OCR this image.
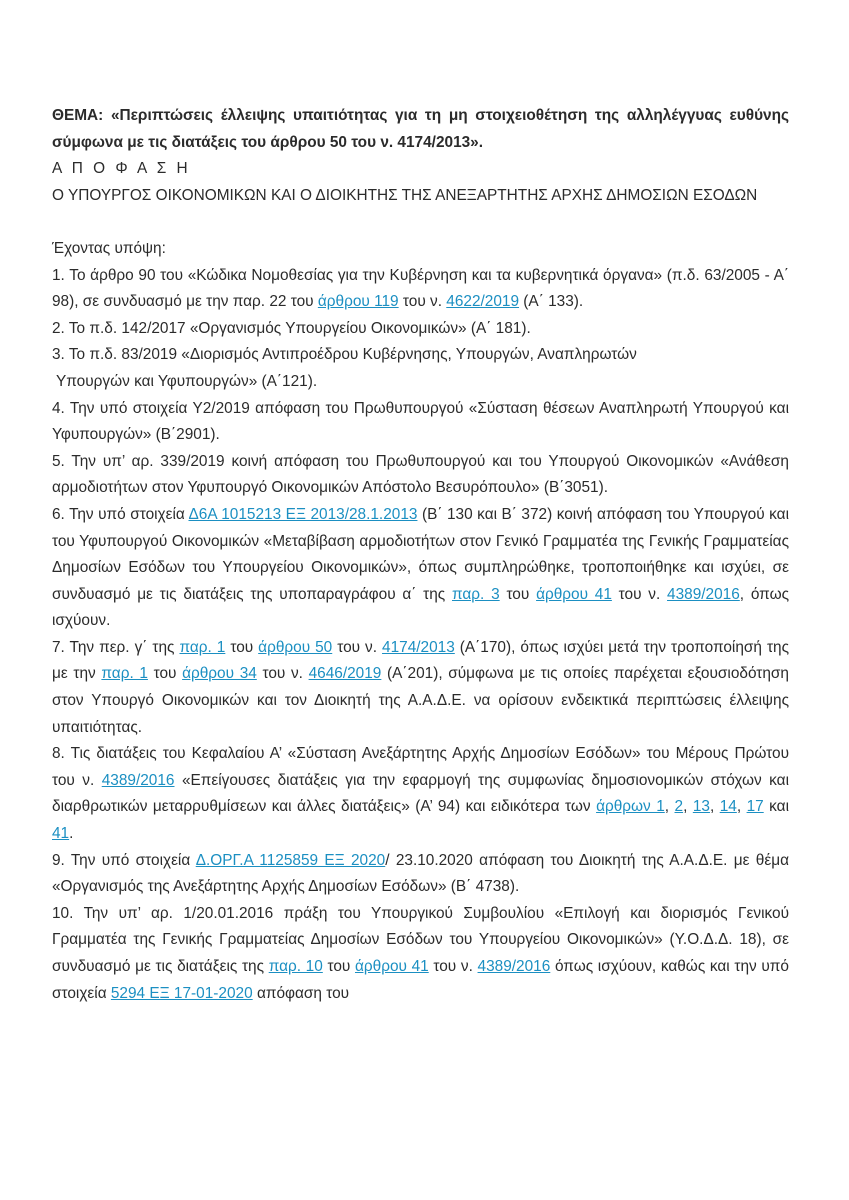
ΘΕΜΑ: «Περιπτώσεις έλλειψης υπαιτιότητας για τη μη στοιχειοθέτηση της αλληλέγγυας ευθύνης σύμφωνα με τις διατάξεις του άρθρου 50 του ν. 4174/2013».

Α Π Ο Φ Α Σ Η

Ο ΥΠΟΥΡΓΟΣ ΟΙΚΟΝΟΜΙΚΩΝ ΚΑΙ Ο ΔΙΟΙΚΗΤΗΣ ΤΗΣ ΑΝΕΞΑΡΤΗΤΗΣ ΑΡΧΗΣ ΔΗΜΟΣΙΩΝ ΕΣΟΔΩΝ

Έχοντας υπόψη:

1. Το άρθρο 90 του «Κώδικα Νομοθεσίας για την Κυβέρνηση και τα κυβερνητικά όργανα» (π.δ. 63/2005 - Α΄ 98), σε συνδυασμό με την παρ. 22 του άρθρου 119 του ν. 4622/2019 (Α΄ 133).

2. Το π.δ. 142/2017 «Οργανισμός Υπουργείου Οικονομικών» (Α΄ 181).

3. Το π.δ. 83/2019 «Διορισμός Αντιπροέδρου Κυβέρνησης, Υπουργών, Αναπληρωτών
Υπουργών και Υφυπουργών» (Α΄121).

4. Την υπό στοιχεία Υ2/2019 απόφαση του Πρωθυπουργού «Σύσταση θέσεων Αναπληρωτή Υπουργού και Υφυπουργών» (Β΄2901).

5. Την υπ’ αρ. 339/2019 κοινή απόφαση του Πρωθυπουργού και του Υπουργού Οικονομικών «Ανάθεση αρμοδιοτήτων στον Υφυπουργό Οικονομικών Απόστολο Βεσυρόπουλο» (Β΄3051).

6. Την υπό στοιχεία Δ6Α 1015213 ΕΞ 2013/28.1.2013 (Β΄ 130 και Β΄ 372) κοινή απόφαση του Υπουργού και του Υφυπουργού Οικονομικών «Μεταβίβαση αρμοδιοτήτων στον Γενικό Γραμματέα της Γενικής Γραμματείας Δημοσίων Εσόδων του Υπουργείου Οικονομικών», όπως συμπληρώθηκε, τροποποιήθηκε και ισχύει, σε συνδυασμό με τις διατάξεις της υποπαραγράφου α΄ της παρ. 3 του άρθρου 41 του ν. 4389/2016, όπως ισχύουν.

7. Την περ. γ΄ της παρ. 1 του άρθρου 50 του ν. 4174/2013 (Α΄170), όπως ισχύει μετά την τροποποίησή της με την παρ. 1 του άρθρου 34 του ν. 4646/2019 (Α΄201), σύμφωνα με τις οποίες παρέχεται εξουσιοδότηση στον Υπουργό Οικονομικών και τον Διοικητή της Α.Α.Δ.Ε. να ορίσουν ενδεικτικά περιπτώσεις έλλειψης υπαιτιότητας.

8. Τις διατάξεις του Κεφαλαίου Α’ «Σύσταση Ανεξάρτητης Αρχής Δημοσίων Εσόδων» του Μέρους Πρώτου του ν. 4389/2016 «Επείγουσες διατάξεις για την εφαρμογή της συμφωνίας δημοσιονομικών στόχων και διαρθρωτικών μεταρρυθμίσεων και άλλες διατάξεις» (Α’ 94) και ειδικότερα των άρθρων 1, 2, 13, 14, 17 και 41.

9. Την υπό στοιχεία Δ.ΟΡΓ.Α 1125859 ΕΞ 2020/ 23.10.2020 απόφαση του Διοικητή της Α.Α.Δ.Ε. με θέμα «Οργανισμός της Ανεξάρτητης Αρχής Δημοσίων Εσόδων» (Β΄ 4738).

10. Την υπ’ αρ. 1/20.01.2016 πράξη του Υπουργικού Συμβουλίου «Επιλογή και διορισμός Γενικού Γραμματέα της Γενικής Γραμματείας Δημοσίων Εσόδων του Υπουργείου Οικονομικών» (Υ.Ο.Δ.Δ. 18), σε συνδυασμό με τις διατάξεις της παρ. 10 του άρθρου 41 του ν. 4389/2016 όπως ισχύουν, καθώς και την υπό στοιχεία 5294 ΕΞ 17-01-2020 απόφαση του
